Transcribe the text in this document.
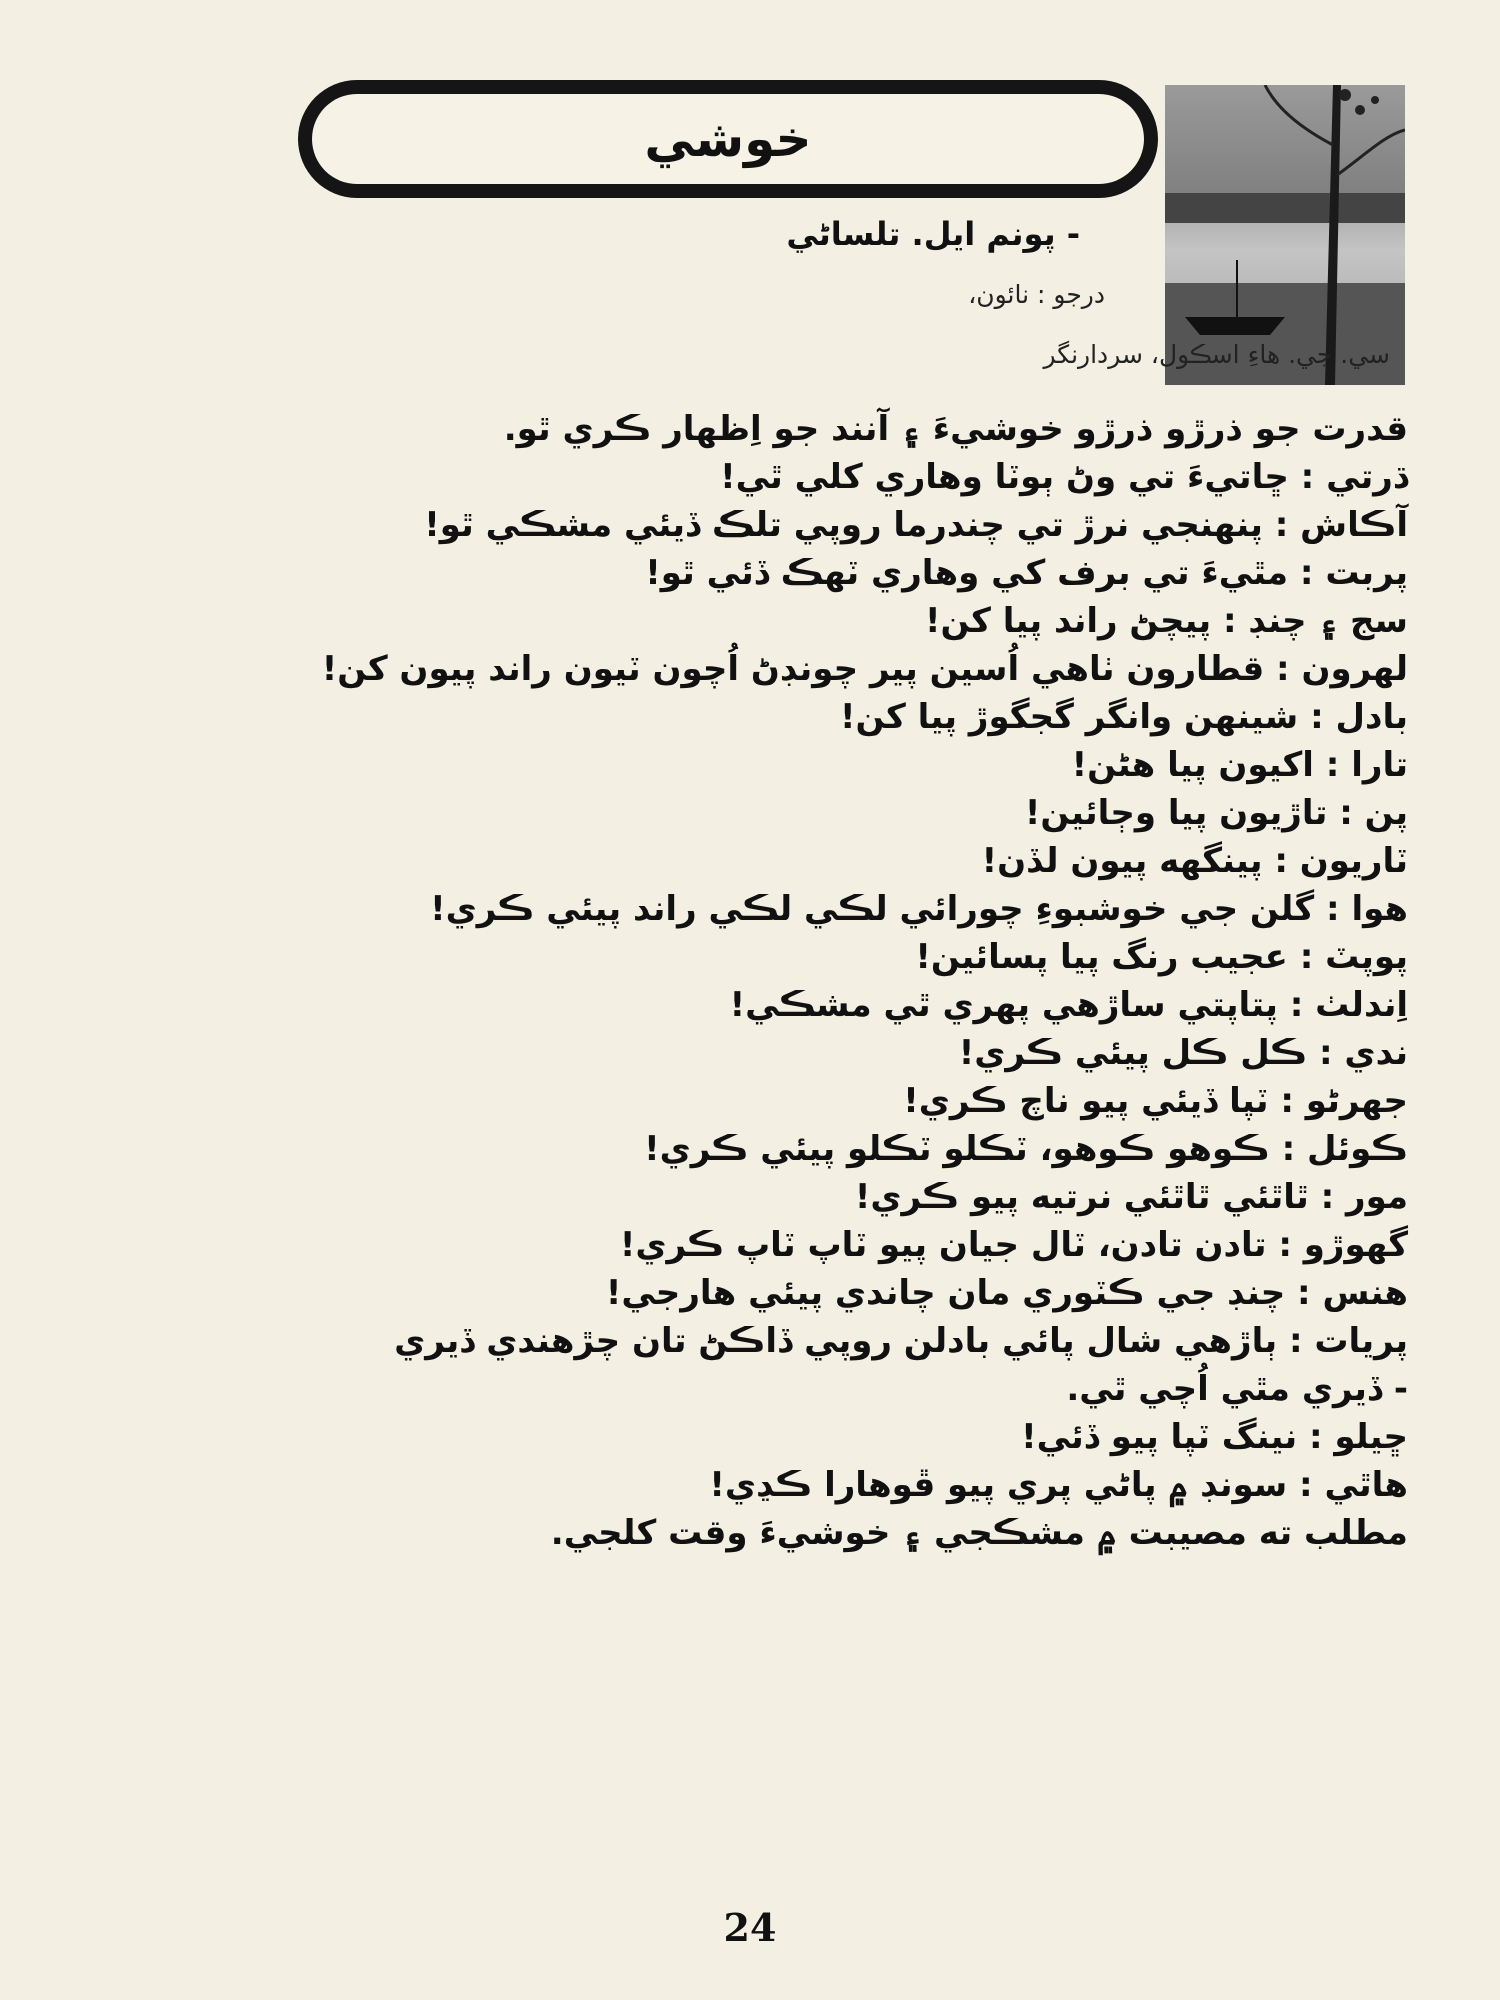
خوشي
- پونم ايل. تلساڻي
درجو : نائون،
سي. جي. هاءِ اسڪول، سردارنگر
قدرت جو ذرڙو ذرڙو خوشيءَ ۽ آنند جو اِظهار ڪري ٿو.
ڌرتي : ڇاتيءَ تي وڻ ٻوٽا وهاري کلي ٿي!
آڪاش : پنهنجي نرڙ تي چندرما روپي تلڪ ڏيئي مشڪي ٿو!
پربت : مٿيءَ تي برف کي وهاري ٽهڪ ڏئي ٿو!
سج ۽ چنڊ : پيچڻ راند پيا کن!
لهرون : قطارون ٺاهي اُسين پير چونڊڻ اُچون ٽيون راند پيون کن!
بادل : شينهن وانگر گجگوڙ پيا کن!
تارا : اکيون پيا هڻن!
پن : تاڙيون پيا وڄائين!
ٽاريون : پينگهه پيون لڏن!
هوا : گلن جي خوشبوءِ چورائي لڪي لڪي راند پيئي ڪري!
پوپٽ : عجيب رنگ پيا پسائين!
اِندلٺ : پتاپتي ساڙهي پهري ٿي مشڪي!
ندي : ڪل ڪل پيئي ڪري!
جهرڻو : ٽپا ڏيئي پيو ناچ ڪري!
ڪوئل : ڪوهو ڪوهو، ٽڪلو ٽڪلو پيئي ڪري!
مور : ٿاٿئي ٿاٿئي نرتيه پيو ڪري!
گهوڙو : تادن تادن، ٽال جيان پيو ٽاپ ٽاپ ڪري!
هنس : چنڊ جي ڪٽوري مان چاندي پيئي هارجي!
پريات : ٻاڙهي شال پائي بادلن روپي ڏاڪڻ تان چڙهندي ڏيري
- ڏيري مٿي اُچي ٿي.
ڇيلو : نينگ ٽپا پيو ڏئي!
هاٿي : سونڊ ۾ پاڻي پري پيو ڦوهارا ڪڍي!
مطلب ته مصيبت ۾ مشڪجي ۽ خوشيءَ وقت کلجي.
24
